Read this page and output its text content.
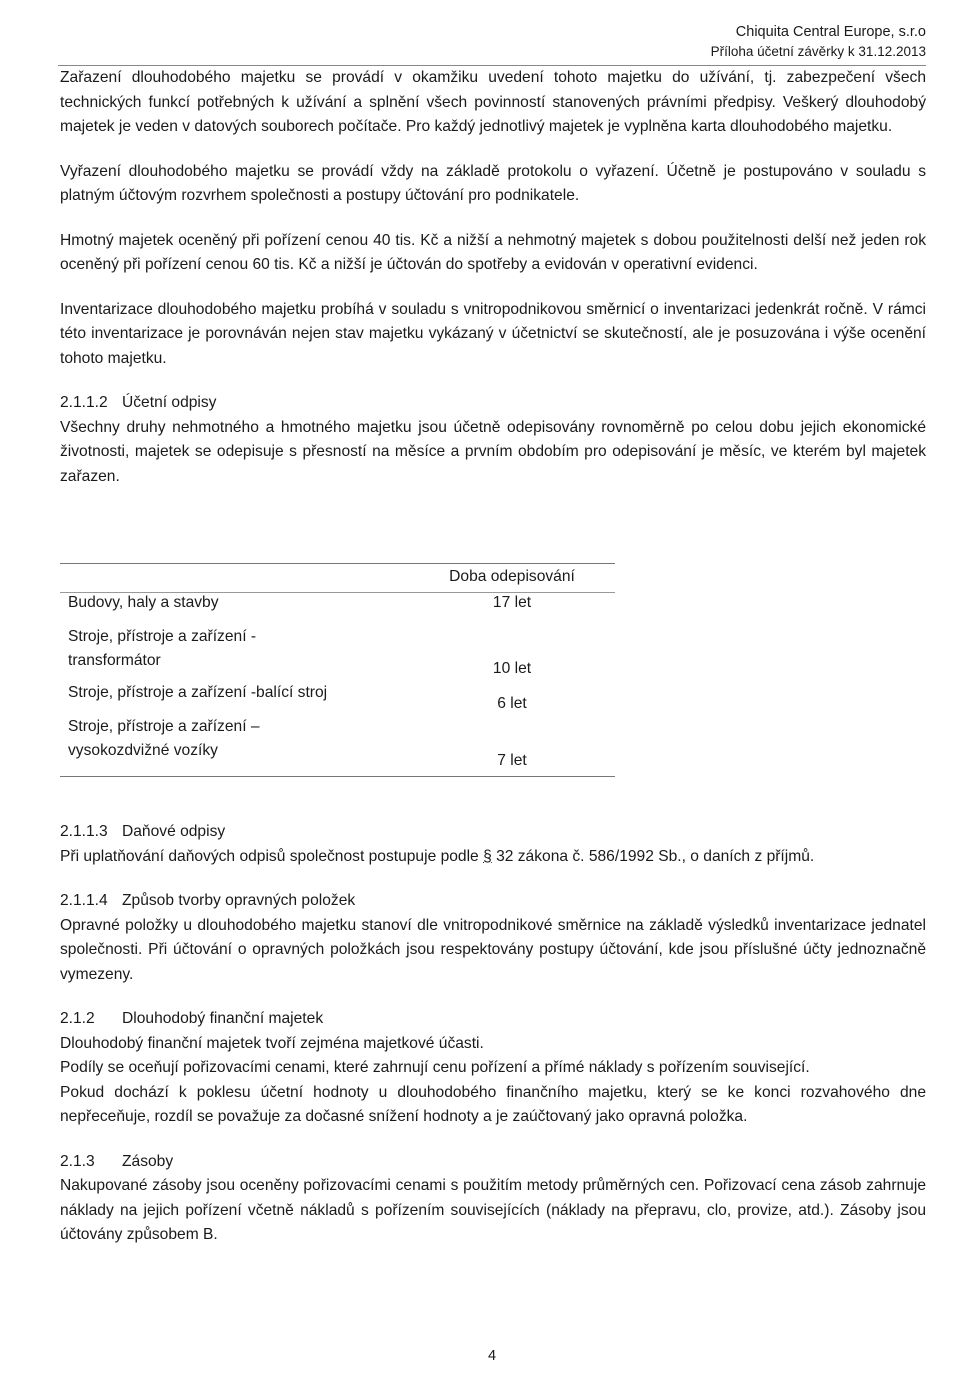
Chiquita Central Europe, s.r.o
Příloha účetní závěrky k 31.12.2013

Zařazení dlouhodobého majetku se provádí v okamžiku uvedení tohoto majetku do užívání, tj. zabezpečení všech technických funkcí potřebných k užívání a splnění všech povinností stanovených právními předpisy. Veškerý dlouhodobý majetek je veden v datových souborech počítače. Pro každý jednotlivý majetek je vyplněna karta dlouhodobého majetku.

Vyřazení dlouhodobého majetku se provádí vždy na základě protokolu o vyřazení. Účetně je postupováno v souladu s platným účtovým rozvrhem společnosti a postupy účtování pro podnikatele.

Hmotný majetek oceněný při pořízení cenou 40 tis. Kč a nižší a nehmotný majetek s dobou použitelnosti delší než jeden rok oceněný při pořízení cenou 60 tis. Kč a nižší je účtován do spotřeby a evidován v operativní evidenci.

Inventarizace dlouhodobého majetku probíhá v souladu s vnitropodnikovou směrnicí o inventarizaci jedenkrát ročně. V rámci této inventarizace je porovnáván nejen stav majetku vykázaný v účetnictví se skutečností, ale je posuzována i výše ocenění tohoto majetku.

2.1.1.2 Účetní odpisy

Všechny druhy nehmotného a hmotného majetku jsou účetně odepisovány rovnoměrně po celou dobu jejich ekonomické životnosti, majetek se odepisuje s přesností na měsíce a prvním obdobím pro odepisování je měsíc, ve kterém byl majetek zařazen.

Doba odepisování
Budovy, haly a stavby	17 let
Stroje, přístroje a zařízení - transformátor	10 let
Stroje, přístroje a zařízení -balící stroj
6 let
Stroje, přístroje a zařízení – vysokozdvižné vozíky
7 let

2.1.1.3 Daňové odpisy

Při uplatňování daňových odpisů společnost postupuje podle § 32 zákona č. 586/1992 Sb., o daních z příjmů.

2.1.1.4 Způsob tvorby opravných položek

Opravné položky u dlouhodobého majetku stanoví dle vnitropodnikové směrnice na základě výsledků inventarizace jednatel společnosti. Při účtování o opravných položkách jsou respektovány postupy účtování, kde jsou příslušné účty jednoznačně vymezeny.

2.1.2 Dlouhodobý finanční majetek

Dlouhodobý finanční majetek tvoří zejména majetkové účasti.

Podíly se oceňují pořizovacími cenami, které zahrnují cenu pořízení a přímé náklady s pořízením související.

Pokud dochází k poklesu účetní hodnoty u dlouhodobého finančního majetku, který se ke konci rozvahového dne nepřeceňuje, rozdíl se považuje za dočasné snížení hodnoty a je zaúčtovaný jako opravná položka.

2.1.3 Zásoby

Nakupované zásoby jsou oceněny pořizovacími cenami s použitím metody průměrných cen. Pořizovací cena zásob zahrnuje náklady na jejich pořízení včetně nákladů s pořízením souvisejících (náklady na přepravu, clo, provize, atd.). Zásoby jsou účtovány způsobem B.

4
